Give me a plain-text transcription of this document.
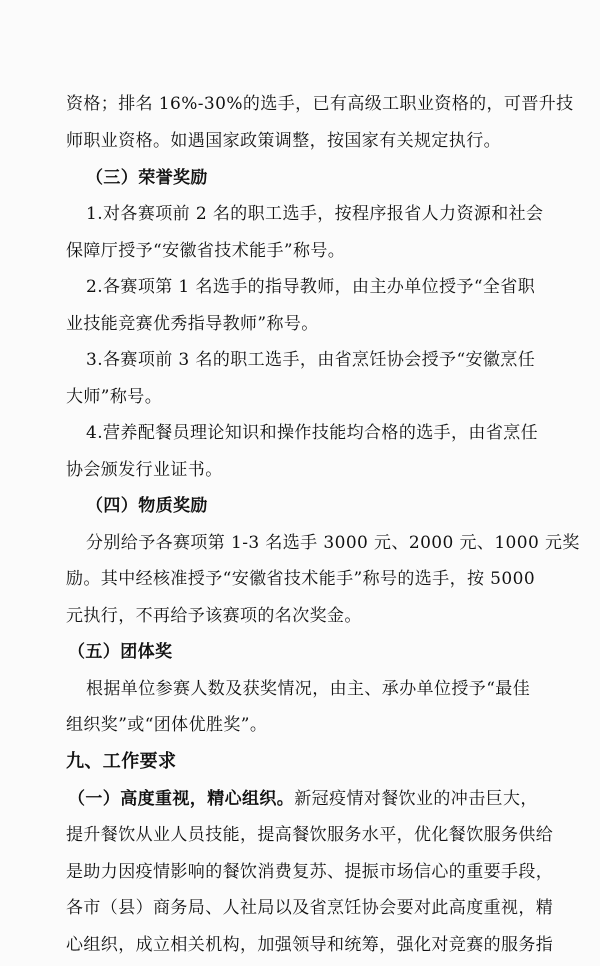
资格；排名 16%-30%的选手，已有高级工职业资格的，可晋升技
师职业资格。如遇国家政策调整，按国家有关规定执行。
（三）荣誉奖励
1.对各赛项前 2 名的职工选手，按程序报省人力资源和社会
保障厅授予“安徽省技术能手”称号。
2.各赛项第 1 名选手的指导教师，由主办单位授予“全省职
业技能竞赛优秀指导教师”称号。
3.各赛项前 3 名的职工选手，由省烹饪协会授予“安徽烹任
大师”称号。
4.营养配餐员理论知识和操作技能均合格的选手，由省烹任
协会颁发行业证书。
（四）物质奖励
分别给予各赛项第 1-3 名选手 3000 元、2000 元、1000 元奖
励。其中经核准授予“安徽省技术能手”称号的选手，按 5000
元执行，不再给予该赛项的名次奖金。
（五）团体奖
根据单位参赛人数及获奖情况，由主、承办单位授予“最佳
组织奖”或“团体优胜奖”。
九、工作要求
（一）高度重视，精心组织。新冠疫情对餐饮业的冲击巨大，
提升餐饮从业人员技能，提高餐饮服务水平，优化餐饮服务供给
是助力因疫情影响的餐饮消费复苏、提振市场信心的重要手段，
各市（县）商务局、人社局以及省烹饪协会要对此高度重视，精
心组织，成立相关机构，加强领导和统筹，强化对竞赛的服务指
